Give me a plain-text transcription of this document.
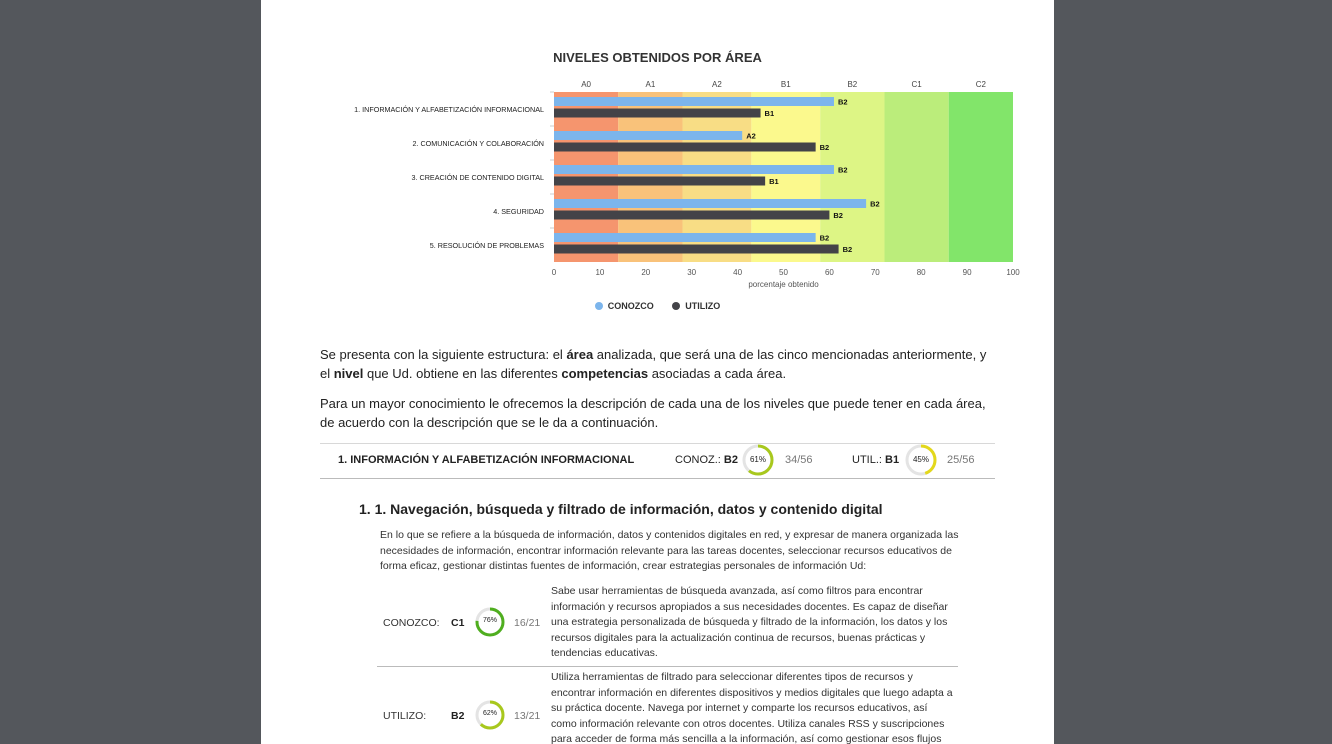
NIVELES OBTENIDOS POR ÁREA
A0	A1	A2	B1	B2	C1	C2
1. INFORMACIÓN Y ALFABETIZACIÓN INFORMACIONAL
B2
B1
2. COMUNICACIÓN Y COLABORACIÓN
A2
B2
3. CREACIÓN DE CONTENIDO DIGITAL
B2
B1
4. SEGURIDAD
B2
B2
5. RESOLUCIÓN DE PROBLEMAS
B2
B2
0	10	20	30	40	50	60	70	80	90	100
porcentaje obtenido
CONOZCO	UTILIZO
Se presenta con la siguiente estructura: el área analizada, que será una de las cinco mencionadas anteriormente, y el nivel que Ud. obtiene en las diferentes competencias asociadas a cada área.
Para un mayor conocimiento le ofrecemos la descripción de cada una de los niveles que puede tener en cada área, de acuerdo con la descripción que se le da a continuación.
1. INFORMACIÓN Y ALFABETIZACIÓN INFORMACIONAL	CONOZ.: B2	61%	34/56	UTIL.: B1	45%	25/56
1. 1. Navegación, búsqueda y filtrado de información, datos y contenido digital
En lo que se refiere a la búsqueda de información, datos y contenidos digitales en red, y expresar de manera organizada las necesidades de información, encontrar información relevante para las tareas docentes, seleccionar recursos educativos de forma eficaz, gestionar distintas fuentes de información, crear estrategias personales de información Ud:
CONOZCO: C1	76%	16/21
Sabe usar herramientas de búsqueda avanzada, así como filtros para encontrar información y recursos apropiados a sus necesidades docentes. Es capaz de diseñar una estrategia personalizada de búsqueda y filtrado de la información, los datos y los recursos digitales para la actualización continua de recursos, buenas prácticas y tendencias educativas.
UTILIZO: B2	62%	13/21
Utiliza herramientas de filtrado para seleccionar diferentes tipos de recursos y encontrar información en diferentes dispositivos y medios digitales que luego adapta a su práctica docente. Navega por internet y comparte los recursos educativos, así como información relevante con otros docentes. Utiliza canales RSS y suscripciones para acceder de forma más sencilla a la información, así como gestionar esos flujos
